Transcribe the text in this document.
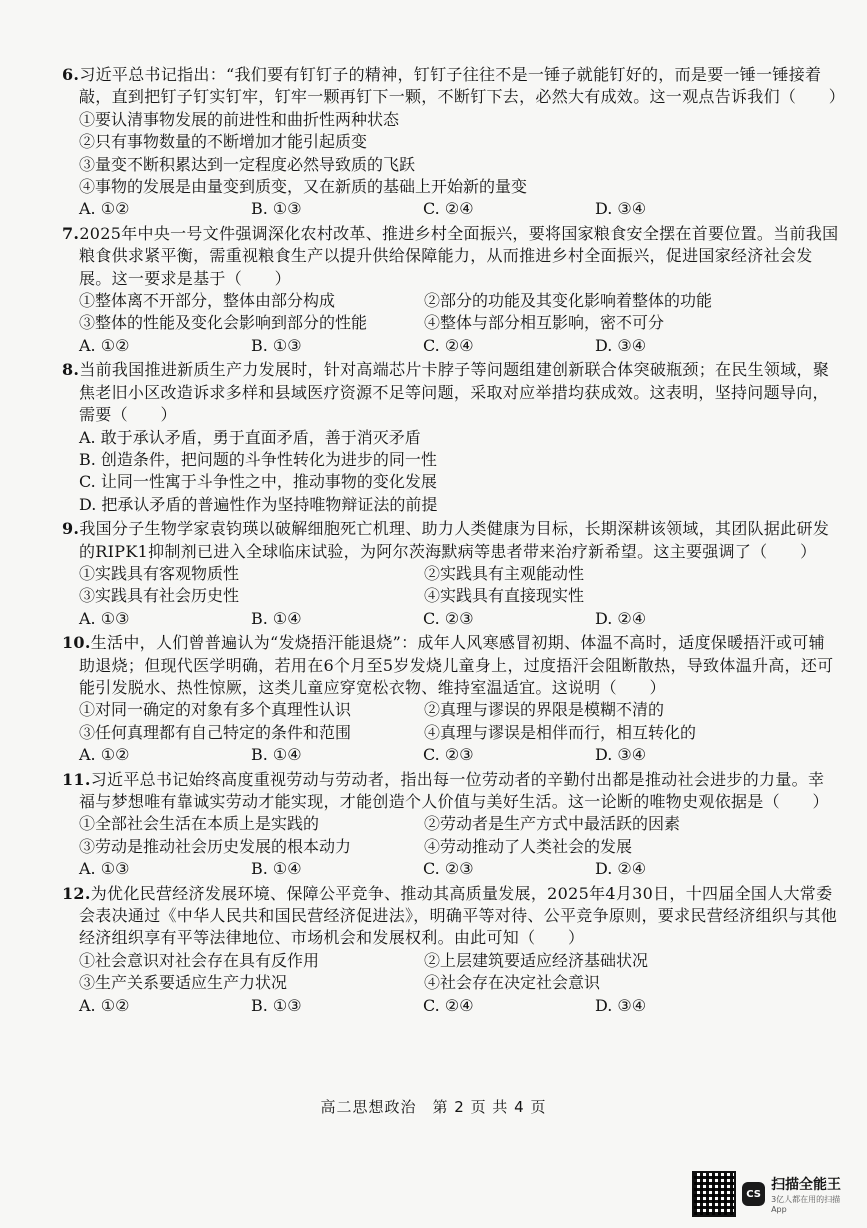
6.习近平总书记指出：“我们要有钉钉子的精神，钉钉子往往不是一锤子就能钉好的，而是要一锤一锤接着敲，直到把钉子钉实钉牢，钉牢一颗再钉下一颗，不断钉下去，必然大有成效。这一观点告诉我们（　　）
①要认清事物发展的前进性和曲折性两种状态
②只有事物数量的不断增加才能引起质变
③量变不断积累达到一定程度必然导致质的飞跃
④事物的发展是由量变到质变，又在新质的基础上开始新的量变
A. ①②	B. ①③	C. ②④	D. ③④
7.2025年中央一号文件强调深化农村改革、推进乡村全面振兴，要将国家粮食安全摆在首要位置。当前我国粮食供求紧平衡，需重视粮食生产以提升供给保障能力，从而推进乡村全面振兴，促进国家经济社会发展。这一要求是基于（　　）
①整体离不开部分，整体由部分构成	②部分的功能及其变化影响着整体的功能
③整体的性能及变化会影响到部分的性能	④整体与部分相互影响，密不可分
A. ①②	B. ①③	C. ②④	D. ③④
8.当前我国推进新质生产力发展时，针对高端芯片卡脖子等问题组建创新联合体突破瓶颈；在民生领域，聚焦老旧小区改造诉求多样和县域医疗资源不足等问题，采取对应举措均获成效。这表明，坚持问题导向，需要（　　）
A. 敢于承认矛盾，勇于直面矛盾，善于消灭矛盾
B. 创造条件，把问题的斗争性转化为进步的同一性
C. 让同一性寓于斗争性之中，推动事物的变化发展
D. 把承认矛盾的普遍性作为坚持唯物辩证法的前提
9.我国分子生物学家袁钧瑛以破解细胞死亡机理、助力人类健康为目标，长期深耕该领域，其团队据此研发的RIPK1抑制剂已进入全球临床试验，为阿尔茨海默病等患者带来治疗新希望。这主要强调了（　　）
①实践具有客观物质性	②实践具有主观能动性
③实践具有社会历史性	④实践具有直接现实性
A. ①③	B. ①④	C. ②③	D. ②④
10.生活中，人们曾普遍认为“发烧捂汗能退烧”：成年人风寒感冒初期、体温不高时，适度保暖捂汗或可辅助退烧；但现代医学明确，若用在6个月至5岁发烧儿童身上，过度捂汗会阻断散热，导致体温升高，还可能引发脱水、热性惊厥，这类儿童应穿宽松衣物、维持室温适宜。这说明（　　）
①对同一确定的对象有多个真理性认识	②真理与谬误的界限是模糊不清的
③任何真理都有自己特定的条件和范围	④真理与谬误是相伴而行，相互转化的
A. ①②	B. ①④	C. ②③	D. ③④
11.习近平总书记始终高度重视劳动与劳动者，指出每一位劳动者的辛勤付出都是推动社会进步的力量。幸福与梦想唯有靠诚实劳动才能实现，才能创造个人价值与美好生活。这一论断的唯物史观依据是（　　）
①全部社会生活在本质上是实践的	②劳动者是生产方式中最活跃的因素
③劳动是推动社会历史发展的根本动力	④劳动推动了人类社会的发展
A. ①③	B. ①④	C. ②③	D. ②④
12.为优化民营经济发展环境、保障公平竞争、推动其高质量发展，2025年4月30日，十四届全国人大常委会表决通过《中华人民共和国民营经济促进法》，明确平等对待、公平竞争原则，要求民营经济组织与其他经济组织享有平等法律地位、市场机会和发展权利。由此可知（　　）
①社会意识对社会存在具有反作用	②上层建筑要适应经济基础状况
③生产关系要适应生产力状况	④社会存在决定社会意识
A. ①②	B. ①③	C. ②④	D. ③④
高二思想政治　第 2 页 共 4 页
CS
扫描全能王
3亿人都在用的扫描App
